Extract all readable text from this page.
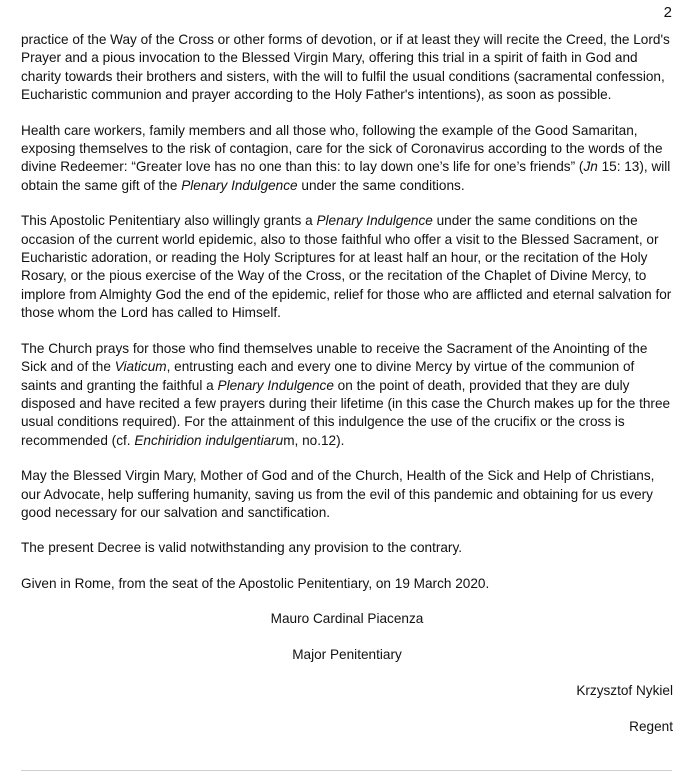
2

practice of the Way of the Cross or other forms of devotion, or if at least they will recite the Creed, the Lord's Prayer and a pious invocation to the Blessed Virgin Mary, offering this trial in a spirit of faith in God and charity towards their brothers and sisters, with the will to fulfil the usual conditions (sacramental confession, Eucharistic communion and prayer according to the Holy Father's intentions), as soon as possible.

Health care workers, family members and all those who, following the example of the Good Samaritan, exposing themselves to the risk of contagion, care for the sick of Coronavirus according to the words of the divine Redeemer: “Greater love has no one than this: to lay down one’s life for one’s friends” (Jn 15: 13), will obtain the same gift of the Plenary Indulgence under the same conditions.

This Apostolic Penitentiary also willingly grants a Plenary Indulgence under the same conditions on the occasion of the current world epidemic, also to those faithful who offer a visit to the Blessed Sacrament, or Eucharistic adoration, or reading the Holy Scriptures for at least half an hour, or the recitation of the Holy Rosary, or the pious exercise of the Way of the Cross, or the recitation of the Chaplet of Divine Mercy, to implore from Almighty God the end of the epidemic, relief for those who are afflicted and eternal salvation for those whom the Lord has called to Himself.

The Church prays for those who find themselves unable to receive the Sacrament of the Anointing of the Sick and of the Viaticum, entrusting each and every one to divine Mercy by virtue of the communion of saints and granting the faithful a Plenary Indulgence on the point of death, provided that they are duly disposed and have recited a few prayers during their lifetime (in this case the Church makes up for the three usual conditions required). For the attainment of this indulgence the use of the crucifix or the cross is recommended (cf. Enchiridion indulgentiarum, no.12).

May the Blessed Virgin Mary, Mother of God and of the Church, Health of the Sick and Help of Christians, our Advocate, help suffering humanity, saving us from the evil of this pandemic and obtaining for us every good necessary for our salvation and sanctification.

The present Decree is valid notwithstanding any provision to the contrary.

Given in Rome, from the seat of the Apostolic Penitentiary, on 19 March 2020.

Mauro Cardinal Piacenza

Major Penitentiary

Krzysztof Nykiel

Regent
